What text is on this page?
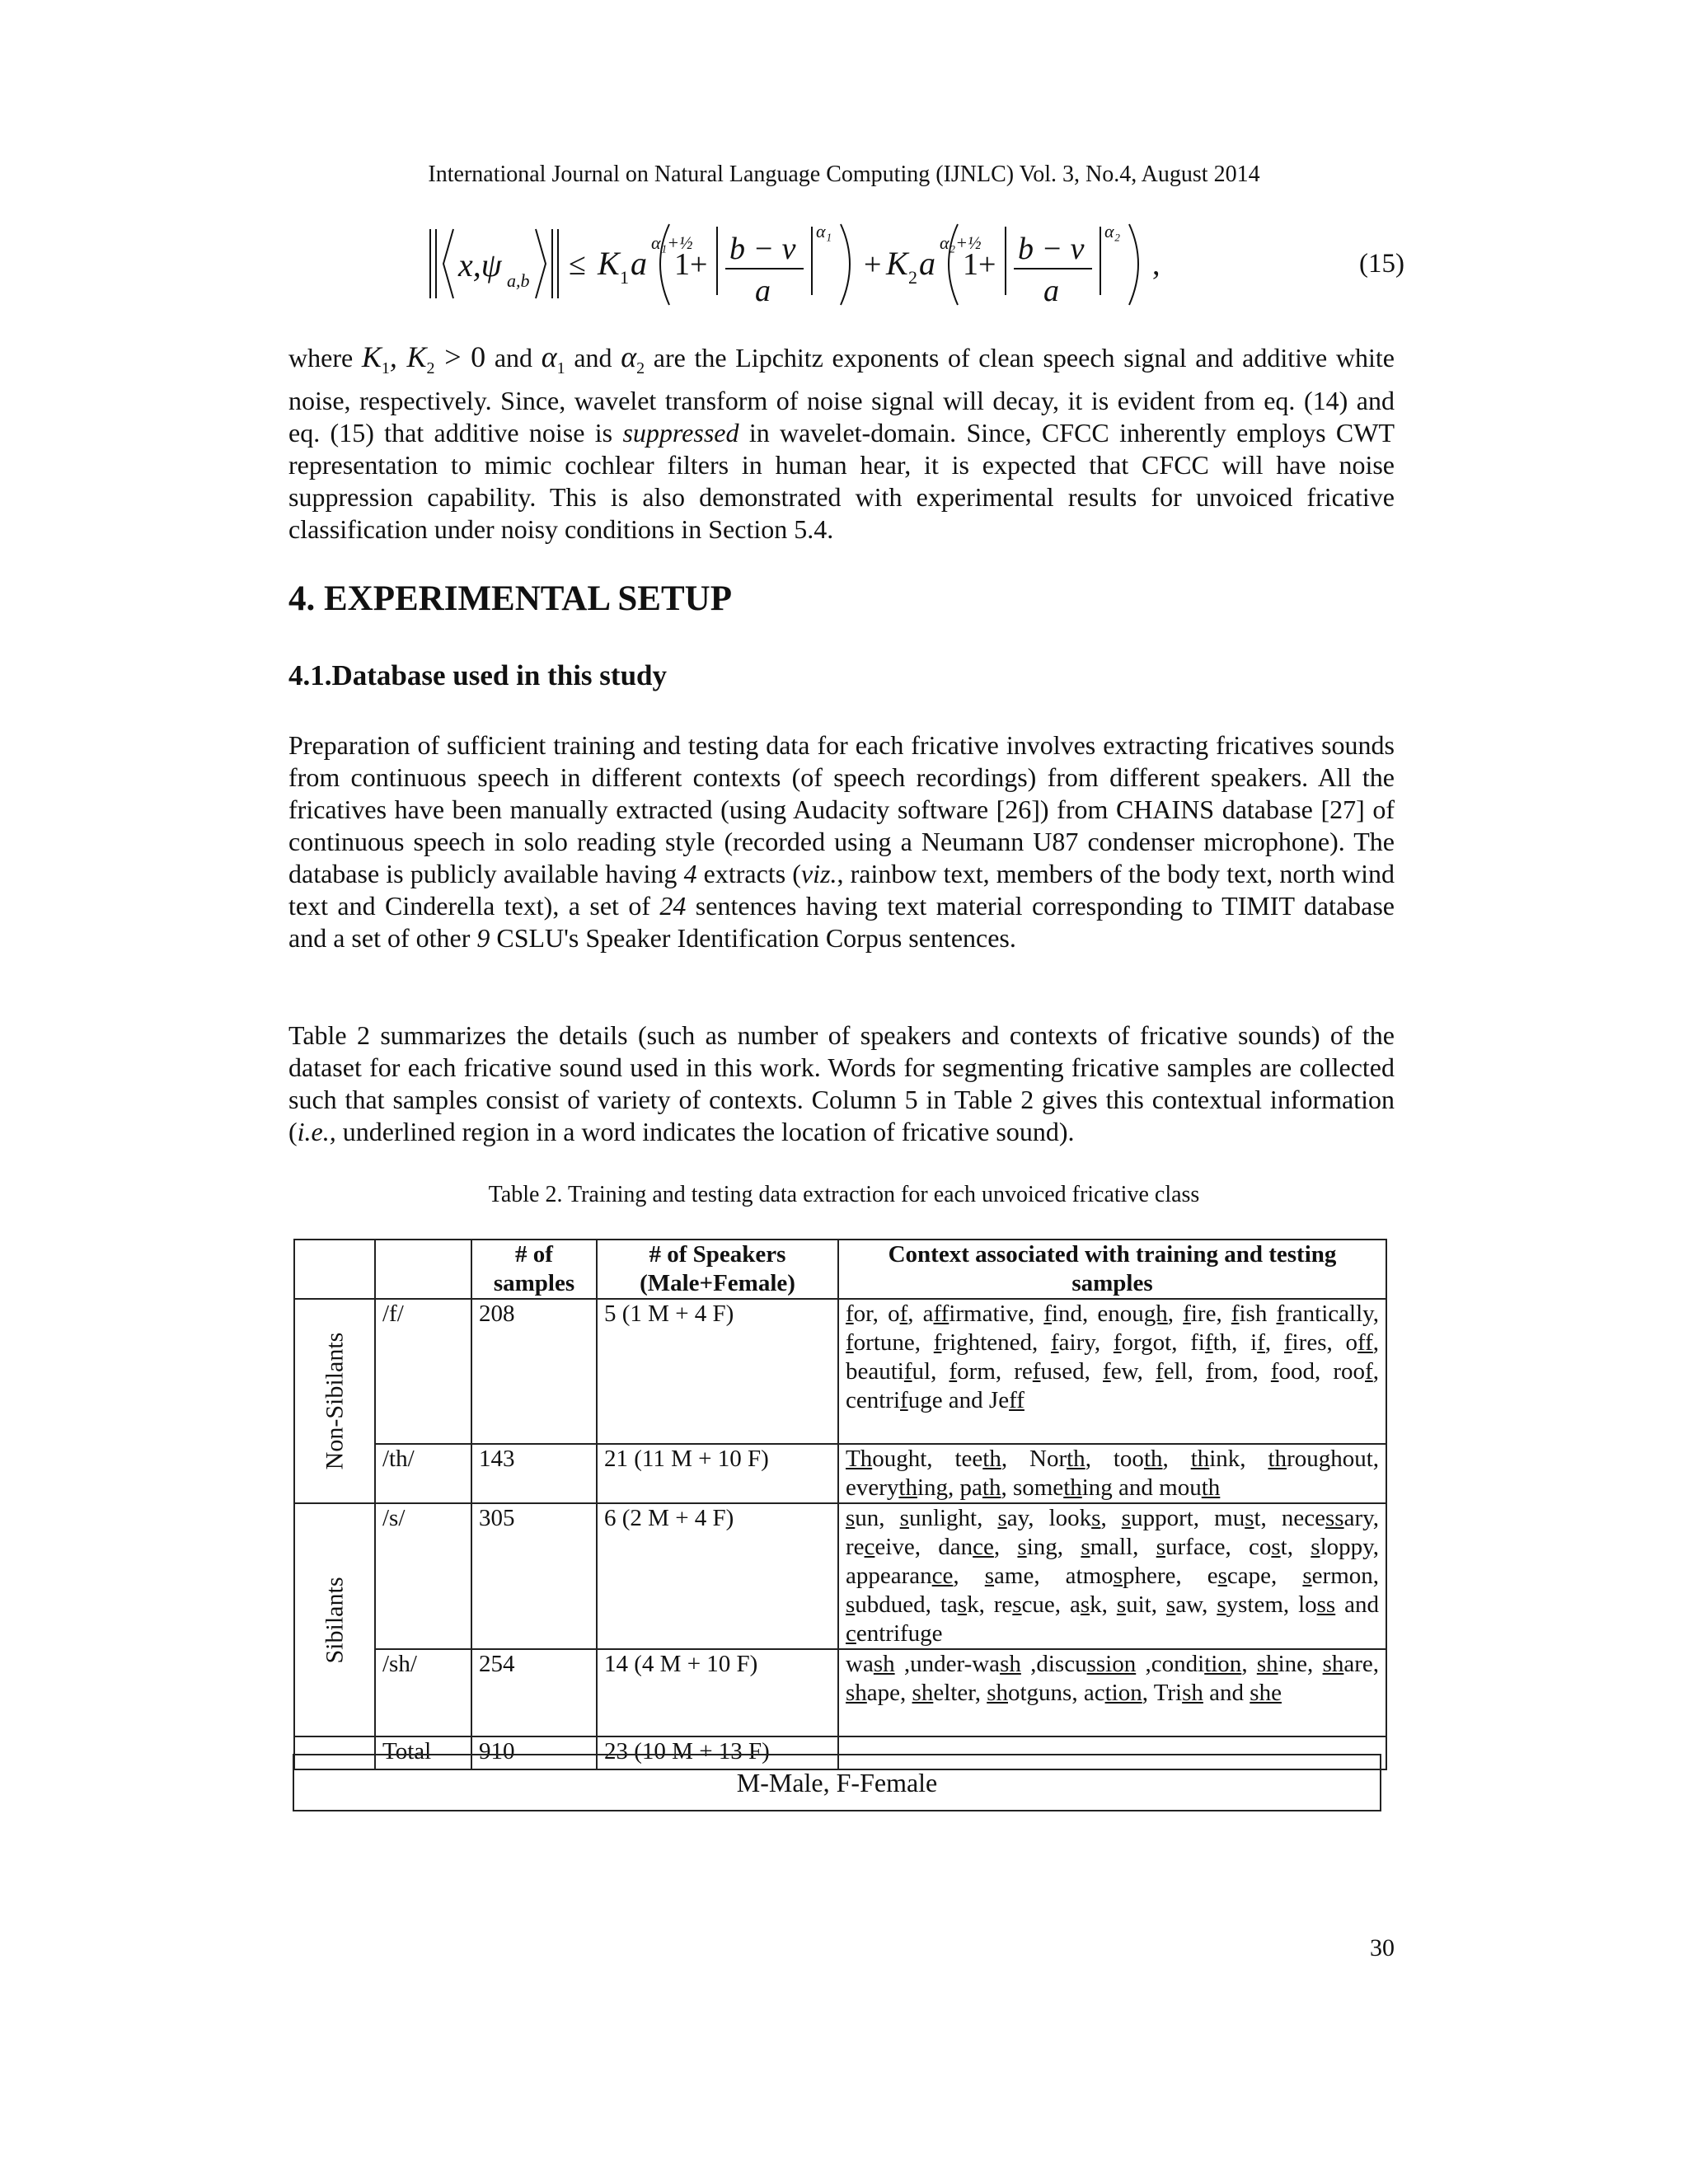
International Journal on Natural Language Computing (IJNLC) Vol. 3, No.4, August 2014
x,ψ a,b ≤ K 1 a
α₁+½
1+ b − v
a
α₁
+ K 2 a
α₂+½
1+ b − v
a
α₂
,	(15)
where $K_1$, $K_2 > 0$ and $\alpha_1$ and $\alpha_2$ are the Lipchitz exponents of clean speech signal and additive white noise, respectively. Since, wavelet transform of noise signal will decay, it is evident from eq. (14) and eq. (15) that additive noise is suppressed in wavelet-domain. Since, CFCC inherently employs CWT representation to mimic cochlear filters in human hear, it is expected that CFCC will have noise suppression capability. This is also demonstrated with experimental results for unvoiced fricative classification under noisy conditions in Section 5.4.
4. EXPERIMENTAL SETUP
4.1.Database used in this study
Preparation of sufficient training and testing data for each fricative involves extracting fricatives sounds from continuous speech in different contexts (of speech recordings) from different speakers. All the fricatives have been manually extracted (using Audacity software [26]) from CHAINS database [27] of continuous speech in solo reading style (recorded using a Neumann U87 condenser microphone). The database is publicly available having 4 extracts (viz., rainbow text, members of the body text, north wind text and Cinderella text), a set of 24 sentences having text material corresponding to TIMIT database and a set of other 9 CSLU's Speaker Identification Corpus sentences.
Table 2 summarizes the details (such as number of speakers and contexts of fricative sounds) of the dataset for each fricative sound used in this work. Words for segmenting fricative samples are collected such that samples consist of variety of contexts. Column 5 in Table 2 gives this contextual information (i.e., underlined region in a word indicates the location of fricative sound).
Table 2. Training and testing data extraction for each unvoiced fricative class
		# of samples	# of Speakers (Male+Female)	Context associated with training and testing samples

Non-Sibilants	/f/	208	5 (1 M + 4 F)	for, of, affirmative, find, enough, fire, fish frantically, fortune, frightened, fairy, forgot, fifth, if, fires, off, beautiful, form, refused, few, fell, from, food, roof, centrifuge and Jeff
	/th/	143	21 (11 M + 10 F)	Thought, teeth, North, tooth, think, throughout, everything, path, something and mouth

Sibilants	/s/	305	6 (2 M + 4 F)	sun, sunlight, say, looks, support, must, necessary, receive, dance, sing, small, surface, cost, sloppy, appearance, same, atmosphere, escape, sermon, subdued, task, rescue, ask, suit, saw, system, loss and centrifuge
	/sh/	254	14 (4 M + 10 F)	wash ,under-wash ,discussion ,condition, shine, share, shape, shelter, shotguns, action, Trish and she
	Total	910	23 (10 M + 13 F)	
M-Male, F-Female
30
